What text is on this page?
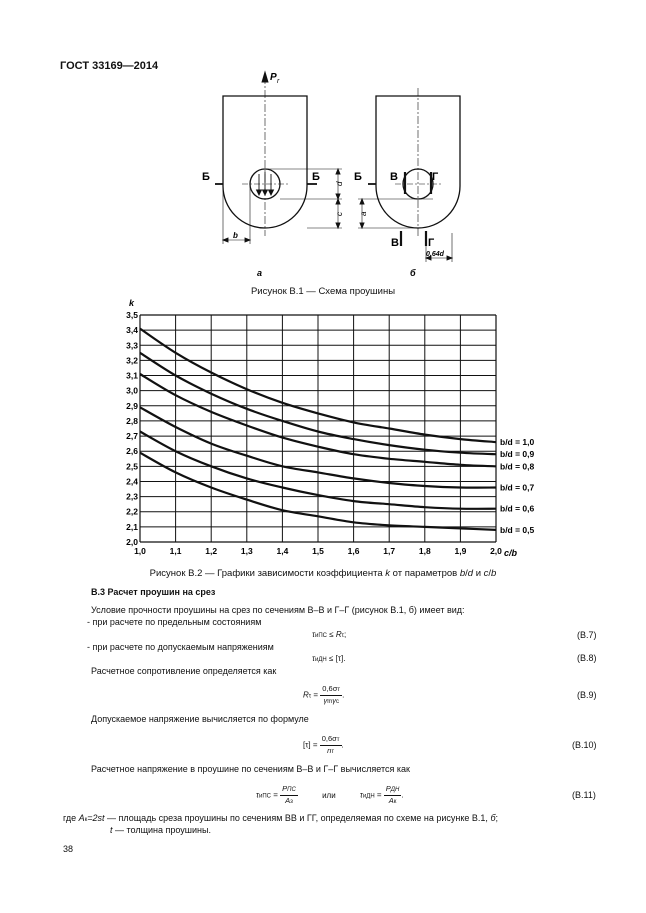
ГОСТ 33169—2014
P r
Б	Б	Б	В	Г
В	Г
d
c a
b
0,64d
а	б
Рисунок В.1 — Схема проушины
1,0	1,1	1,2	1,3	1,4	1,5	1,6	1,7	1,8	1,9	2,0
2,0
2,1
2,2
2,3
2,4
2,5
2,6
2,7
2,8
2,9
3,0
3,1
3,2
3,3
3,4
3,5
b/d = 1,0
b/d = 0,9
b/d = 0,8
b/d = 0,7
b/d = 0,6
b/d = 0,5
k
c/b
Рисунок В.2 — Графики зависимости коэффициента k от параметров b/d и c/b
В.3 Расчет проушин на срез
Условие прочности проушины на срез по сечениям В–В и Г–Г (рисунок В.1, б) имеет вид:
- при расчете по предельным состояниям
τиПС ≤ Rτ;	(В.7)
- при расчете по допускаемым напряжениям
τиДН ≤ [τ].	(В.8)
Расчетное сопротивление определяется как
$R\tau = \frac{0,6\sigma т}{\text{γmγc}}$ .	(В.9)
Допускаемое напряжение вычисляется по формуле
$[\tau] = \frac{0,6\sigma т}{nт}$ .	(В.10)
Расчетное напряжение в проушине по сечениям В–В и Г–Г вычисляется как
$\tau иПС = \frac{\text{PПС}}{Aз}$	или	$\tau иДН = \frac{\text{PДН}}{Aк}$ .	(В.11)
где Aк=2st — площадь среза проушины по сечениям ВВ и ГГ, определяемая по схеме на рисунке В.1, б;
t — толщина проушины.
38
